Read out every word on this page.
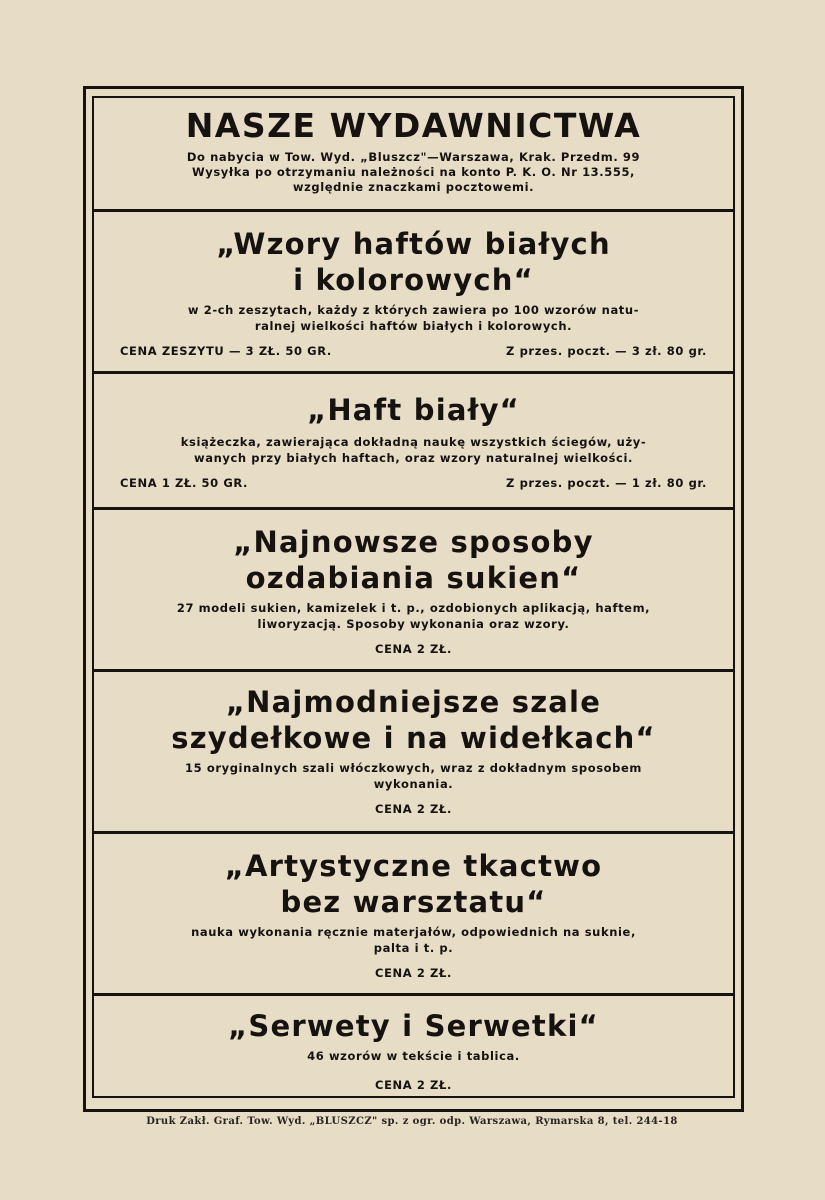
NASZE WYDAWNICTWA
Do nabycia w Tow. Wyd. „Bluszcz"—Warszawa, Krak. Przedm. 99
Wysyłka po otrzymaniu należności na konto P. K. O. Nr 13.555,
względnie znaczkami pocztowemi.
„Wzory haftów białych
i kolorowych“
w 2-ch zeszytach, każdy z których zawiera po 100 wzorów natu-
ralnej wielkości haftów białych i kolorowych.
CENA ZESZYTU — 3 ZŁ. 50 GR.	Z przes. poczt. — 3 zł. 80 gr.
„Haft biały“
książeczka, zawierająca dokładną naukę wszystkich ściegów, uży-
wanych przy białych haftach, oraz wzory naturalnej wielkości.
CENA 1 ZŁ. 50 GR.	Z przes. poczt. — 1 zł. 80 gr.
„Najnowsze sposoby
ozdabiania sukien“
27 modeli sukien, kamizelek i t. p., ozdobionych aplikacją, haftem,
liworyzacją. Sposoby wykonania oraz wzory.
CENA 2 ZŁ.
„Najmodniejsze szale
szydełkowe i na widełkach“
15 oryginalnych szali włóczkowych, wraz z dokładnym sposobem
wykonania.
CENA 2 ZŁ.
„Artystyczne tkactwo
bez warsztatu“
nauka wykonania ręcznie materjałów, odpowiednich na suknie,
palta i t. p.
CENA 2 ZŁ.
„Serwety i Serwetki“
46 wzorów w tekście i tablica.
CENA 2 ZŁ.
Druk Zakł. Graf. Tow. Wyd. „BLUSZCZ" sp. z ogr. odp. Warszawa, Rymarska 8, tel. 244-18
